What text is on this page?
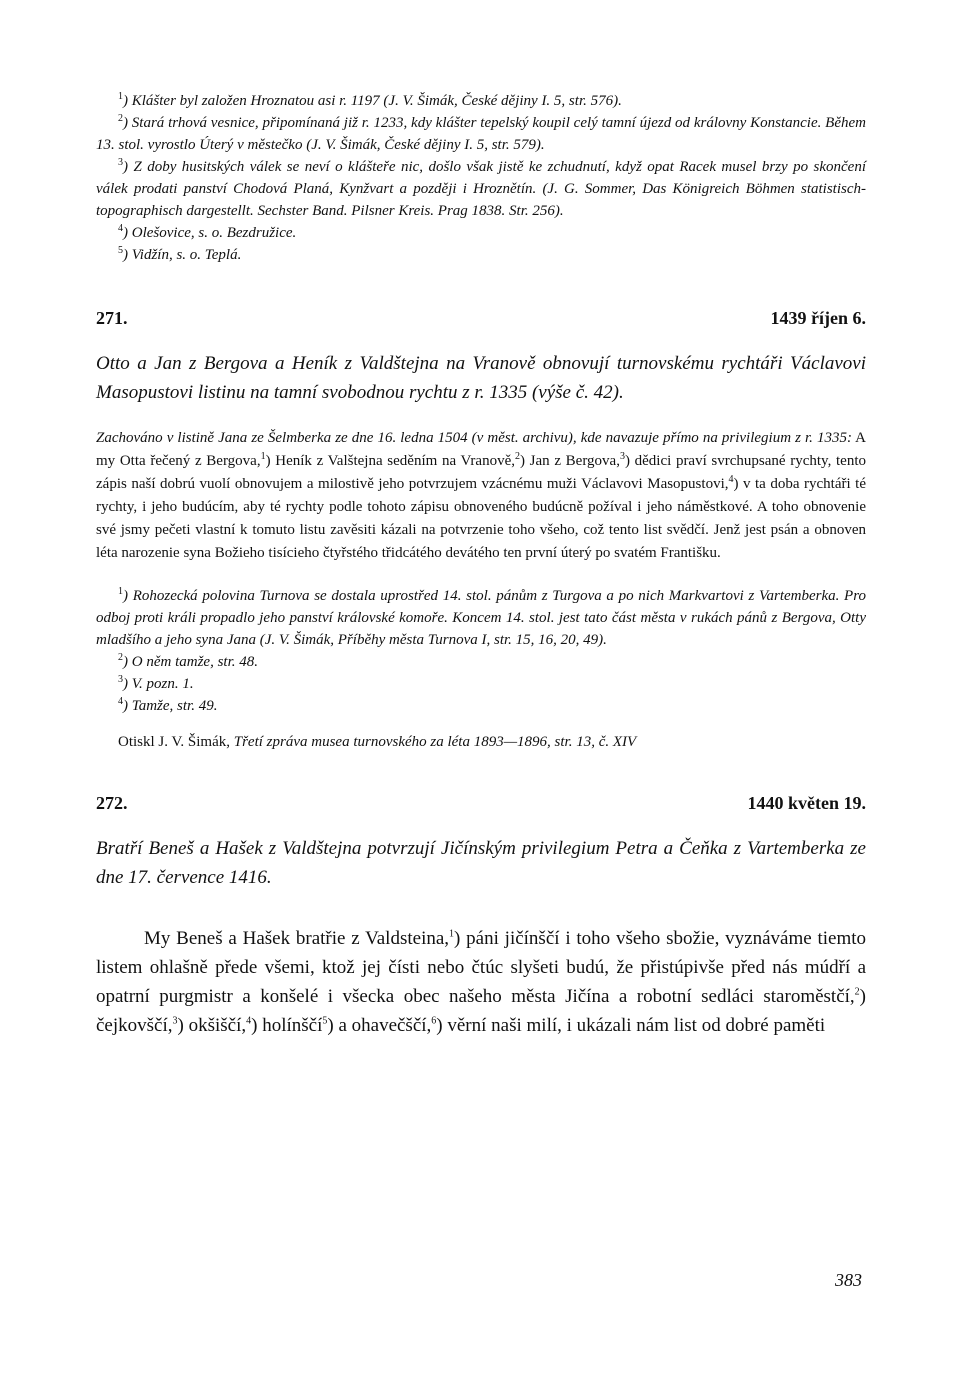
$^1$) Klášter byl založen Hroznatou asi r. 1197 (J. V. Šimák, České dějiny I. 5, str. 576).

$^2$) Stará trhová vesnice, připomínaná již r. 1233, kdy klášter tepelský koupil celý tamní újezd od královny Konstancie. Během 13. stol. vyrostlo Úterý v městečko (J. V. Šimák, České dějiny I. 5, str. 579).

$^3$) Z doby husitských válek se neví o klášteře nic, došlo však jistě ke zchudnutí, když opat Racek musel brzy po skončení válek prodati panství Chodová Planá, Kynžvart a později i Hroznětín. (J. G. Sommer, Das Königreich Böhmen statistisch-topographisch dargestellt. Sechster Band. Pilsner Kreis. Prag 1838. Str. 256).

$^4$) Olešovice, s. o. Bezdružice.

$^5$) Vidžín, s. o. Teplá.

271.	1439 říjen 6.

Otto a Jan z Bergova a Heník z Valdštejna na Vranově obnovují turnovskému rychtáři Václavovi Masopustovi listinu na tamní svobodnou rychtu z r. 1335 (výše č. 42).

Zachováno v listině Jana ze Šelmberka ze dne 16. ledna 1504 (v měst. archivu), kde navazuje přímo na privilegium z r. 1335: A my Otta řečený z Bergova,$^1$) Heník z Valštejna seděním na Vranově,$^2$) Jan z Bergova,$^3$) dědici praví svrchupsané rychty, tento zápis naší dobrú vuolí obnovujem a milostivě jeho potvrzujem vzácnému muži Václavovi Masopustovi,$^4$) v ta doba rychtáři té rychty, i jeho budúcím, aby té rychty podle tohoto zápisu obnoveného budúcně požíval i jeho náměstkové. A toho obnovenie své jsmy pečeti vlastní k tomuto listu zavěsiti kázali na potvrzenie toho všeho, což tento list svědčí. Jenž jest psán a obnoven léta narozenie syna Božieho tisícieho čtyřstého třidcátého devátého ten první úterý po svatém Františku.

$^1$) Rohozecká polovina Turnova se dostala uprostřed 14. stol. pánům z Turgova a po nich Markvartovi z Vartemberka. Pro odboj proti králi propadlo jeho panství královské komoře. Koncem 14. stol. jest tato část města v rukách pánů z Bergova, Otty mladšího a jeho syna Jana (J. V. Šimák, Příběhy města Turnova I, str. 15, 16, 20, 49).

$^2$) O něm tamže, str. 48.

$^3$) V. pozn. 1.

$^4$) Tamže, str. 49.

Otiskl J. V. Šimák, Třetí zpráva musea turnovského za léta 1893—1896, str. 13, č. XIV

272.	1440 květen 19.

Bratří Beneš a Hašek z Valdštejna potvrzují Jičínským privilegium Petra a Čeňka z Vartemberka ze dne 17. července 1416.

My Beneš a Hašek bratřie z Valdsteina,$^1$) páni jičínščí i toho všeho sbožie, vyznáváme tiemto listem ohlašně přede všemi, ktož jej čísti nebo čtúc slyšeti budú, že přistúpivše před nás múdří a opatrní purgmistr a konšelé i všecka obec našeho města Jičína a robotní sedláci staroměstčí,$^2$) čejkovščí,$^3$) okšiščí,$^4$) holínščí$^5$) a ohavečščí,$^6$) věrní naši milí, i ukázali nám list od dobré paměti

383
